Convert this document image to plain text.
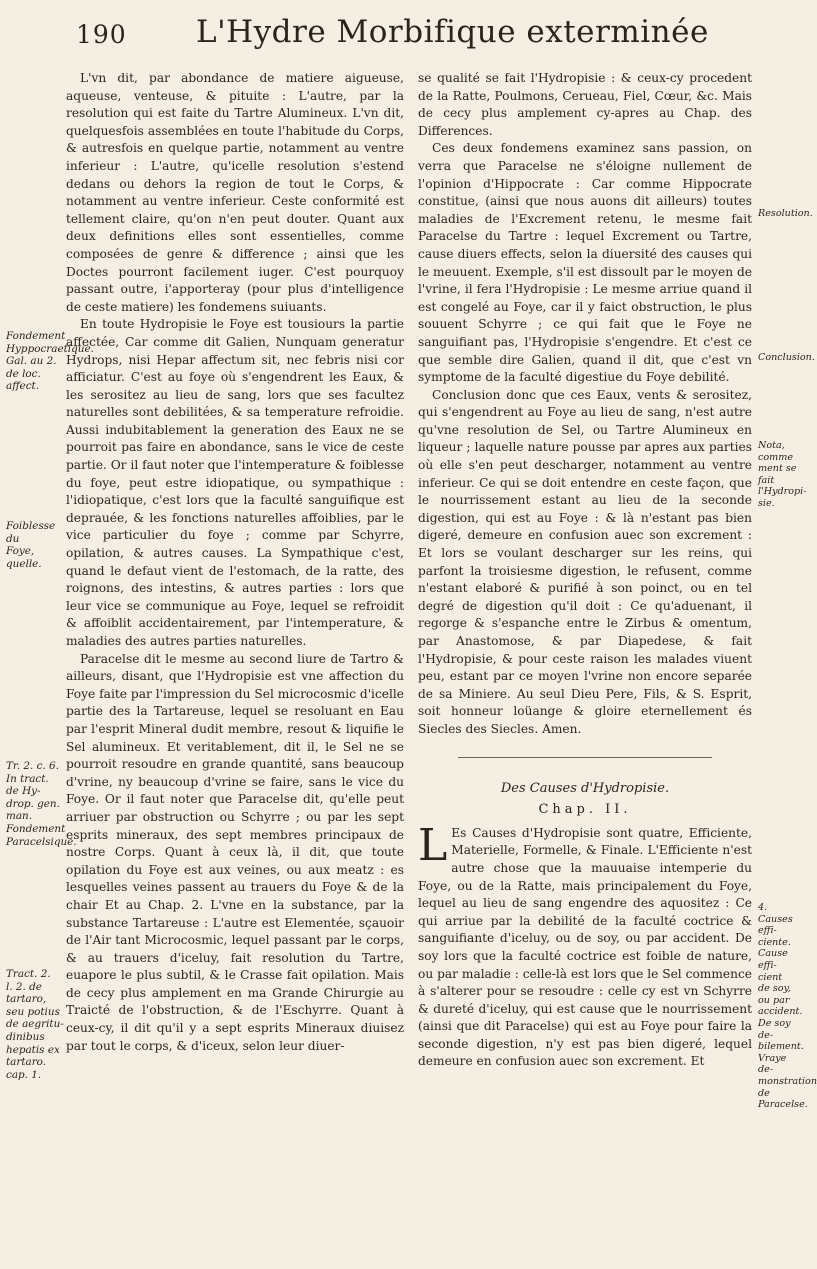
190 L'Hydre Morbifique exterminée
Fondement
Hyppocraetique.
Gal. au 2.
de loc.
affect.
Foiblesse du
Foye, quelle.
Tr. 2. c. 6.
In tract.
de Hy-
drop. gen.
man.
Fondement
Paracelsique.
Tract. 2.
l. 2. de
tartaro,
seu potius
de aegritu-
dinibus
hepatis ex
tartaro.
cap. 1.
Resolution.
Conclusion.
Nota, comme
ment se fait
l'Hydropi-
sie.
4. Causes
effi-
ciente.
Cause effi-
cient
de soy, ou par
accident.
De soy de-
bilement.
Vraye de-
monstration
de Paracelse.

L'vn dit, par abondance de matiere aigueuse, aqueuse, venteuse, & pituite : L'autre, par la resolution qui est faite du Tartre Alumineux. L'vn dit, quelquesfois assemblées en toute l'habitude du Corps, & autresfois en quelque partie, notamment au ventre inferieur : L'autre, qu'icelle resolution s'estend dedans ou dehors la region de tout le Corps, & notamment au ventre inferieur. Ceste conformité est tellement claire, qu'on n'en peut douter. Quant aux deux definitions elles sont essentielles, comme composées de genre & difference ; ainsi que les Doctes pourront facilement iuger. C'est pourquoy passant outre, i'apporteray (pour plus d'intelligence de ceste matiere) les fondemens suiuants.

En toute Hydropisie le Foye est tousiours la partie affectée, Car comme dit Galien, Nunquam generatur Hydrops, nisi Hepar affectum sit, nec febris nisi cor afficiatur. C'est au foye où s'engendrent les Eaux, & les serositez au lieu de sang, lors que ses facultez naturelles sont debilitées, & sa temperature refroidie. Aussi indubitablement la generation des Eaux ne se pourroit pas faire en abondance, sans le vice de ceste partie. Or il faut noter que l'intemperature & foiblesse du foye, peut estre idiopatique, ou sympathique : l'idiopatique, c'est lors que la faculté sanguifique est deprauée, & les fonctions naturelles affoiblies, par le vice particulier du foye ; comme par Schyrre, opilation, & autres causes. La Sympathique c'est, quand le defaut vient de l'estomach, de la ratte, des roignons, des intestins, & autres parties : lors que leur vice se communique au Foye, lequel se refroidit & affoiblit accidentairement, par l'intemperature, & maladies des autres parties naturelles.

Paracelse dit le mesme au second liure de Tartro & ailleurs, disant, que l'Hydropisie est vne affection du Foye faite par l'impression du Sel microcosmic d'icelle partie des la Tartareuse, lequel se resoluant en Eau par l'esprit Mineral dudit membre, resout & liquifie le Sel alumineux. Et veritablement, dit il, le Sel ne se pourroit resoudre en grande quantité, sans beaucoup d'vrine, ny beaucoup d'vrine se faire, sans le vice du Foye. Or il faut noter que Paracelse dit, qu'elle peut arriuer par obstruction ou Schyrre ; ou par les sept esprits mineraux, des sept membres principaux de nostre Corps. Quant à ceux là, il dit, que toute opilation du Foye est aux veines, ou aux meatz : es lesquelles veines passent au trauers du Foye & de la chair Et au Chap. 2. L'vne en la substance, par la substance Tartareuse : L'autre est Elementée, sçauoir de l'Air tant Microcosmic, lequel passant par le corps, & au trauers d'iceluy, fait resolution du Tartre, euapore le plus subtil, & le Crasse fait opilation. Mais de cecy plus amplement en ma Grande Chirurgie au Traicté de l'obstruction, & de l'Eschyrre. Quant à ceux-cy, il dit qu'il y a sept esprits Mineraux diuisez par tout le corps, & d'iceux, selon leur diuer-

se qualité se fait l'Hydropisie : & ceux-cy procedent de la Ratte, Poulmons, Cerueau, Fiel, Cœur, &c. Mais de cecy plus amplement cy-apres au Chap. des Differences.

Ces deux fondemens examinez sans passion, on verra que Paracelse ne s'éloigne nullement de l'opinion d'Hippocrate : Car comme Hippocrate constitue, (ainsi que nous auons dit ailleurs) toutes maladies de l'Excrement retenu, le mesme fait Paracelse du Tartre : lequel Excrement ou Tartre, cause diuers effects, selon la diuersité des causes qui le meuuent. Exemple, s'il est dissoult par le moyen de l'vrine, il fera l'Hydropisie : Le mesme arriue quand il est congelé au Foye, car il y faict obstruction, le plus souuent Schyrre ; ce qui fait que le Foye ne sanguifiant pas, l'Hydropisie s'engendre. Et c'est ce que semble dire Galien, quand il dit, que c'est vn symptome de la faculté digestiue du Foye debilité.

Conclusion donc que ces Eaux, vents & serositez, qui s'engendrent au Foye au lieu de sang, n'est autre qu'vne resolution de Sel, ou Tartre Alumineux en liqueur ; laquelle nature pousse par apres aux parties où elle s'en peut descharger, notamment au ventre inferieur. Ce qui se doit entendre en ceste façon, que le nourrissement estant au lieu de la seconde digestion, qui est au Foye : & là n'estant pas bien digeré, demeure en confusion auec son excrement : Et lors se voulant descharger sur les reins, qui parfont la troisiesme digestion, le refusent, comme n'estant elaboré & purifié à son poinct, ou en tel degré de digestion qu'il doit : Ce qu'aduenant, il regorge & s'espanche entre le Zirbus & omentum, par Anastomose, & par Diapedese, & fait l'Hydropisie, & pour ceste raison les malades viuent peu, estant par ce moyen l'vrine non encore separée de sa Miniere. Au seul Dieu Pere, Fils, & S. Esprit, soit honneur loüange & gloire eternellement és Siecles des Siecles. Amen.

Des Causes d'Hydropisie.
Chap. II.

L Es Causes d'Hydropisie sont quatre, Efficiente, Materielle, Formelle, & Finale. L'Efficiente n'est autre chose que la mauuaise intemperie du Foye, ou de la Ratte, mais principalement du Foye, lequel au lieu de sang engendre des aquositez : Ce qui arriue par la debilité de la faculté coctrice & sanguifiante d'iceluy, ou de soy, ou par accident. De soy lors que la faculté coctrice est foible de nature, ou par maladie : celle-là est lors que le Sel commence à s'alterer pour se resoudre : celle cy est vn Schyrre & dureté d'iceluy, qui est cause que le nourrissement (ainsi que dit Paracelse) qui est au Foye pour faire la seconde digestion, n'y est pas bien digeré, lequel demeure en confusion auec son excrement. Et
